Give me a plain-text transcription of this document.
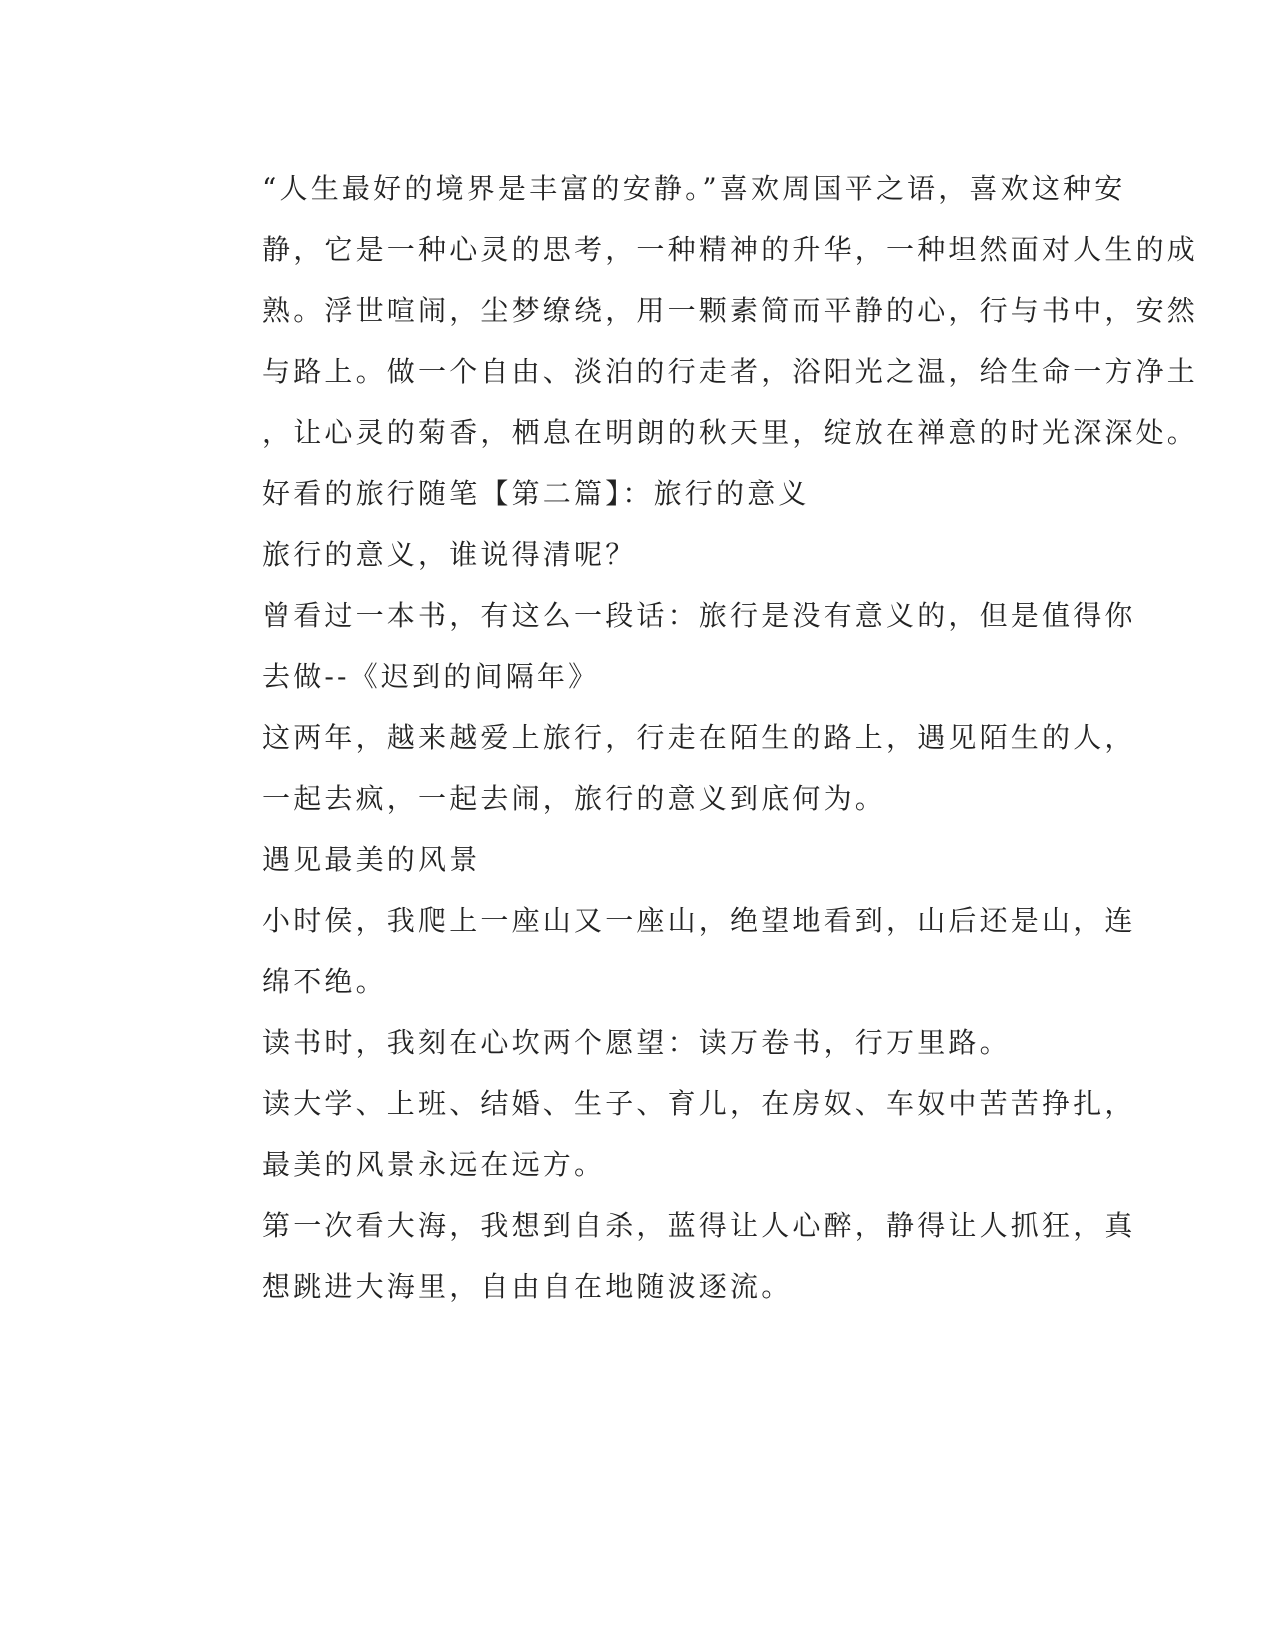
“人生最好的境界是丰富的安静。”喜欢周国平之语，喜欢这种安
静，它是一种心灵的思考，一种精神的升华，一种坦然面对人生的成
熟。浮世喧闹，尘梦缭绕，用一颗素简而平静的心，行与书中，安然
与路上。做一个自由、淡泊的行走者，浴阳光之温，给生命一方净土
，让心灵的菊香，栖息在明朗的秋天里，绽放在禅意的时光深深处。

好看的旅行随笔【第二篇】：旅行的意义

旅行的意义，谁说得清呢？

曾看过一本书，有这么一段话：旅行是没有意义的，但是值得你
去做--《迟到的间隔年》

这两年，越来越爱上旅行，行走在陌生的路上，遇见陌生的人，
一起去疯，一起去闹，旅行的意义到底何为。

遇见最美的风景

小时侯，我爬上一座山又一座山，绝望地看到，山后还是山，连
绵不绝。

读书时，我刻在心坎两个愿望：读万卷书，行万里路。

读大学、上班、结婚、生子、育儿，在房奴、车奴中苦苦挣扎，
最美的风景永远在远方。

第一次看大海，我想到自杀，蓝得让人心醉，静得让人抓狂，真
想跳进大海里，自由自在地随波逐流。
